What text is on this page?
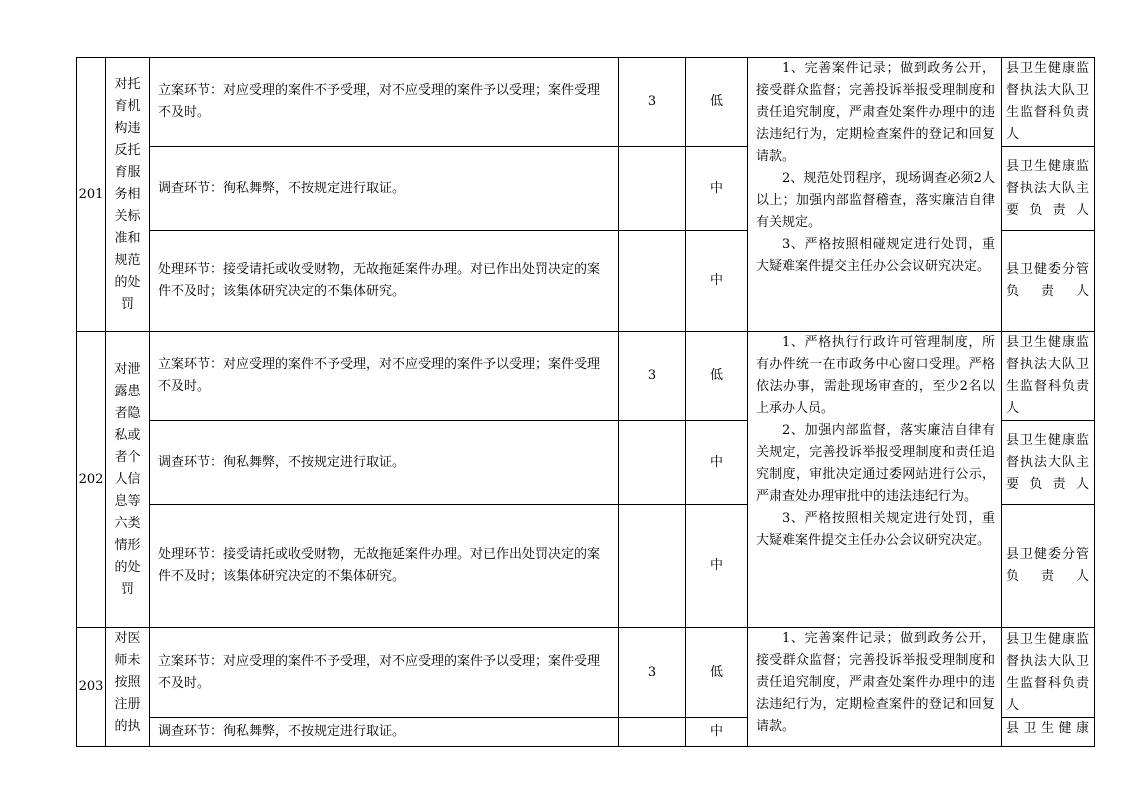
201	对托育机构违反托育服务相关标准和规范的处罚	立案环节：对应受理的案件不予受理，对不应受理的案件予以受理；案件受理不及时。	3	低	1、完善案件记录；做到政务公开，接受群众监督；完善投诉举报受理制度和责任追究制度，严肃查处案件办理中的违法违纪行为，定期检查案件的登记和回复请款。

2、规范处罚程序，现场调查必须2人以上；加强内部监督稽查，落实廉洁自律有关规定。

3、严格按照相碰规定进行处罚，重大疑难案件提交主任办公会议研究决定。	县卫生健康监督执法大队卫生监督科负责人
		调查环节：徇私舞弊，不按规定进行取证。		中		县卫生健康监督执法大队主要负责人
		处理环节：接受请托或收受财物，无故拖延案件办理。对已作出处罚决定的案件不及时；该集体研究决定的不集体研究。		中		县卫健委分管负责人
202	对泄露患者隐私或者个人信息等六类情形的处罚	立案环节：对应受理的案件不予受理，对不应受理的案件予以受理；案件受理不及时。	3	低	1、严格执行行政许可管理制度，所有办件统一在市政务中心窗口受理。严格依法办事，需赴现场审查的，至少2名以上承办人员。

2、加强内部监督，落实廉洁自律有关规定，完善投诉举报受理制度和责任追究制度，审批决定通过委网站进行公示，严肃查处办理审批中的违法违纪行为。

3、严格按照相关规定进行处罚，重大疑难案件提交主任办公会议研究决定。	县卫生健康监督执法大队卫生监督科负责人
		调查环节：徇私舞弊，不按规定进行取证。		中		县卫生健康监督执法大队主要负责人
		处理环节：接受请托或收受财物，无故拖延案件办理。对已作出处罚决定的案件不及时；该集体研究决定的不集体研究。		中		县卫健委分管负责人
203	对医师未按照注册的执	立案环节：对应受理的案件不予受理，对不应受理的案件予以受理；案件受理不及时。	3	低	1、完善案件记录；做到政务公开，接受群众监督；完善投诉举报受理制度和责任追究制度，严肃查处案件办理中的违法违纪行为，定期检查案件的登记和回复请款。	县卫生健康监督执法大队卫生监督科负责人
		调查环节：徇私舞弊，不按规定进行取证。		中		县卫生健康
